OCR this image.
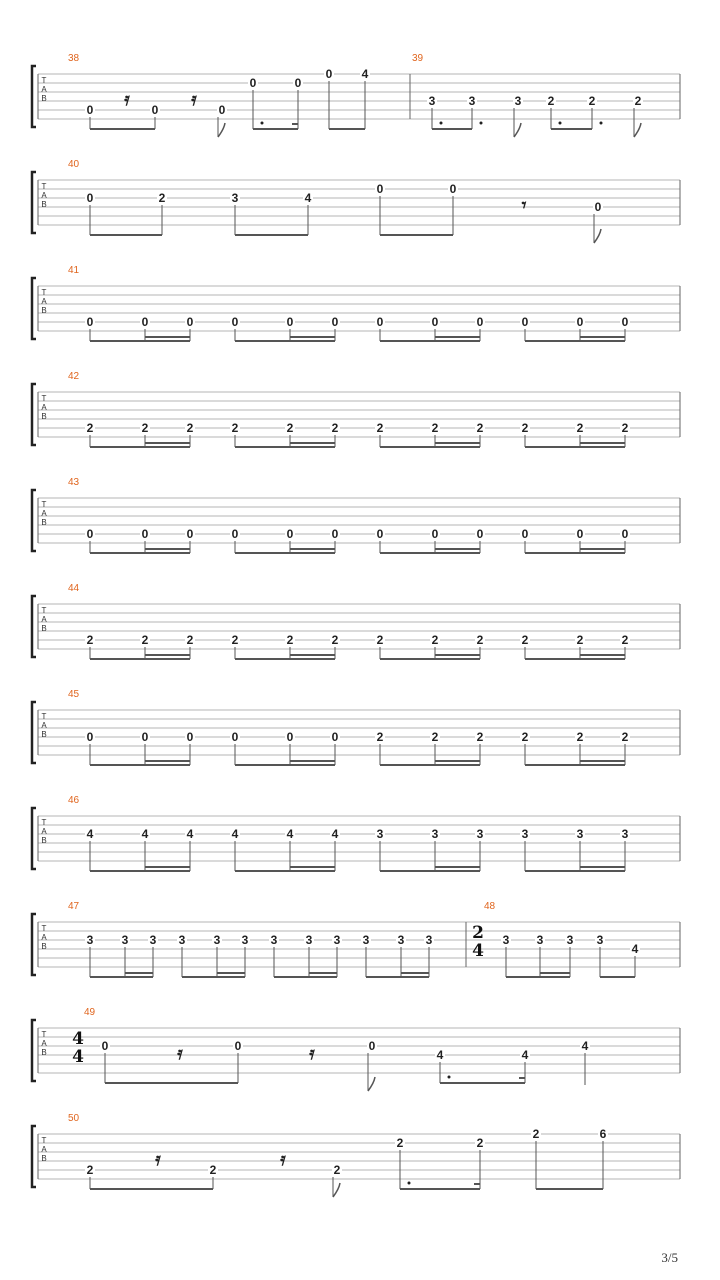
T
A
B
38
0 𝄿 0 𝄿 0
0	0
0 4
39
3	3	3 2	2	2
T
A
B
40
0	2	3	4
0	0
𝄾	0
T
A
B
41
0	0	0	0	0	0	0	0	0	0	0	0
T
A
B
42
2	2	2	2	2	2	2	2	2	2	2	2
T
A
B
43
0	0	0	0	0	0	0	0	0	0	0	0
T
A
B
44
2	2	2	2	2	2	2	2	2	2	2	2
T
A
B
45
0	0	0	0	0	0	2	2	2	2	2	2
T
A
B
46
4	4	4	4	4	4	3	3	3	3	3	3
T
A
B
47
3 3 3 3 3 3 3 3 3 3 3 3
48
3 3 3 3
4
2
4
T
A
B
49
0	𝄿	0	𝄿	0
4	4
4
4
4
T
A
B
50
2	𝄿	2	𝄿	2
2	2
2	6
3/5
